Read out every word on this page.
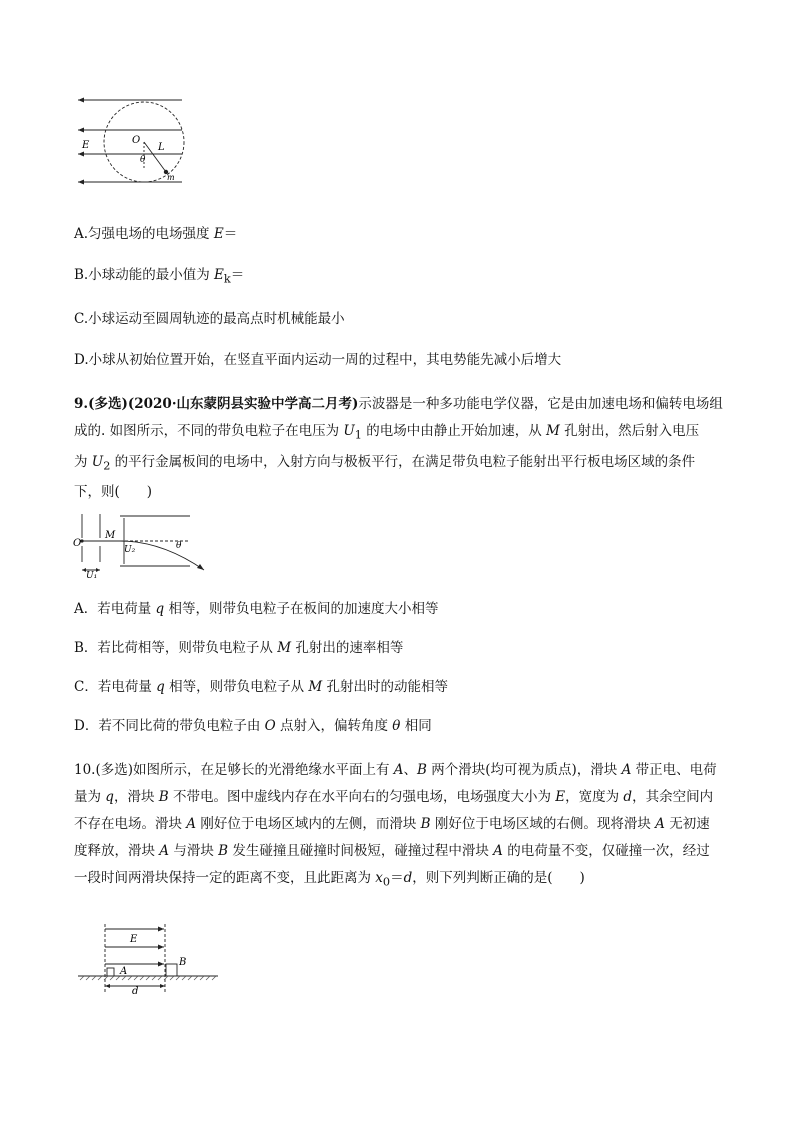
E	O
L
θ
m
A.匀强电场的电场强度 E＝
B.小球动能的最小值为 $E_k=$
C.小球运动至圆周轨迹的最高点时机械能最小
D.小球从初始位置开始，在竖直平面内运动一周的过程中，其电势能先减小后增大
9.(多选)(2020·山东蒙阴县实验中学高二月考)示波器是一种多功能电学仪器，它是由加速电场和偏转电场组
成的. 如图所示，不同的带负电粒子在电压为 $U_1$ 的电场中由静止开始加速，从 M 孔射出，然后射入电压
为 $U_2$ 的平行金属板间的电场中，入射方向与极板平行，在满足带负电粒子能射出平行板电场区域的条件
下，则(　　)
O
M
U₂
U₁
θ
A．若电荷量 q 相等，则带负电粒子在板间的加速度大小相等
B．若比荷相等，则带负电粒子从 M 孔射出的速率相等
C．若电荷量 q 相等，则带负电粒子从 M 孔射出时的动能相等
D．若不同比荷的带负电粒子由 O 点射入，偏转角度 θ 相同
10.(多选)如图所示，在足够长的光滑绝缘水平面上有 A、B 两个滑块(均可视为质点)，滑块 A 带正电、电荷
量为 q，滑块 B 不带电。图中虚线内存在水平向右的匀强电场，电场强度大小为 E，宽度为 d，其余空间内
不存在电场。滑块 A 刚好位于电场区域内的左侧，而滑块 B 刚好位于电场区域的右侧。现将滑块 A 无初速
度释放，滑块 A 与滑块 B 发生碰撞且碰撞时间极短，碰撞过程中滑块 A 的电荷量不变，仅碰撞一次，经过
一段时间两滑块保持一定的距离不变，且此距离为 $x_0=d$，则下列判断正确的是(　　)
E
A
B
d
